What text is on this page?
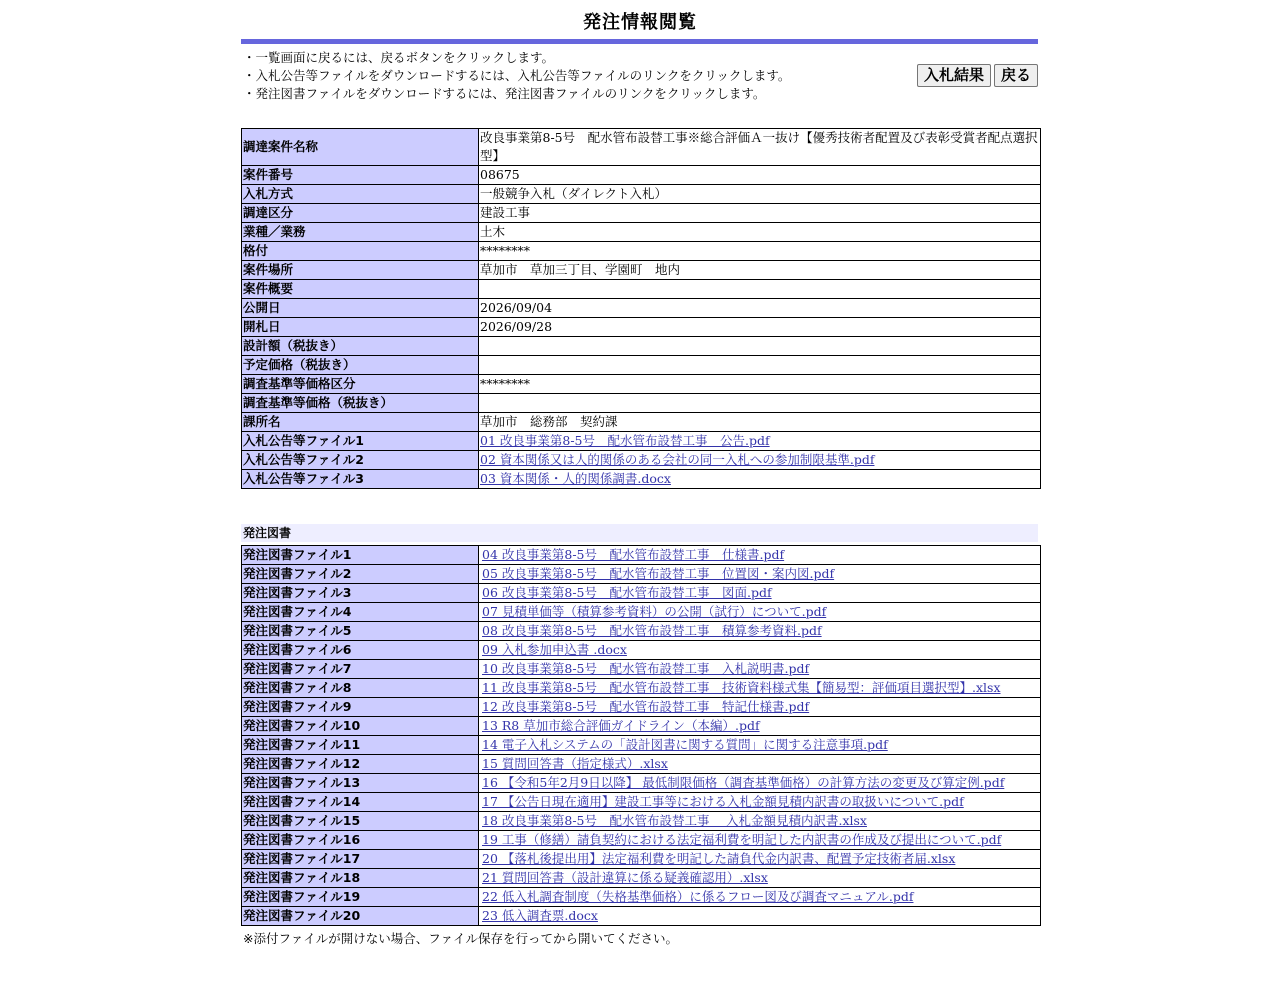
発注情報閲覧
・一覧画面に戻るには、戻るボタンをクリックします。
・入札公告等ファイルをダウンロードするには、入札公告等ファイルのリンクをクリックします。
・発注図書ファイルをダウンロードするには、発注図書ファイルのリンクをクリックします。
入札結果	戻る
調達案件名称	改良事業第8-5号　配水管布設替工事※総合評価Ａ一抜け【優秀技術者配置及び表彰受賞者配点選択型】
案件番号	08675
入札方式	一般競争入札（ダイレクト入札）
調達区分	建設工事
業種／業務	土木
格付	********
案件場所	草加市　草加三丁目、学園町　地内
案件概要	
公開日	2026/09/04
開札日	2026/09/28
設計額（税抜き）	
予定価格（税抜き）	
調査基準等価格区分	********
調査基準等価格（税抜き）	
課所名	草加市　総務部　契約課
入札公告等ファイル1	01 改良事業第8-5号　配水管布設替工事　公告.pdf
入札公告等ファイル2	02 資本関係又は人的関係のある会社の同一入札への参加制限基準.pdf
入札公告等ファイル3	03 資本関係・人的関係調書.docx
発注図書
発注図書ファイル1	04 改良事業第8-5号　配水管布設替工事　仕様書.pdf
発注図書ファイル2	05 改良事業第8-5号　配水管布設替工事　位置図・案内図.pdf
発注図書ファイル3	06 改良事業第8-5号　配水管布設替工事　図面.pdf
発注図書ファイル4	07 見積単価等（積算参考資料）の公開（試行）について.pdf
発注図書ファイル5	08 改良事業第8-5号　配水管布設替工事　積算参考資料.pdf
発注図書ファイル6	09 入札参加申込書 .docx
発注図書ファイル7	10 改良事業第8-5号　配水管布設替工事　入札説明書.pdf
発注図書ファイル8	11 改良事業第8-5号　配水管布設替工事　技術資料様式集【簡易型：評価項目選択型】.xlsx
発注図書ファイル9	12 改良事業第8-5号　配水管布設替工事　特記仕様書.pdf
発注図書ファイル10	13 R8 草加市総合評価ガイドライン（本編）.pdf
発注図書ファイル11	14 電子入札システムの「設計図書に関する質問」に関する注意事項.pdf
発注図書ファイル12	15 質問回答書（指定様式）.xlsx
発注図書ファイル13	16 【令和5年2月9日以降】 最低制限価格（調査基準価格）の計算方法の変更及び算定例.pdf
発注図書ファイル14	17 【公告日現在適用】建設工事等における入札金額見積内訳書の取扱いについて.pdf
発注図書ファイル15	18 改良事業第8-5号　配水管布設替工事　 入札金額見積内訳書.xlsx
発注図書ファイル16	19 工事（修繕）請負契約における法定福利費を明記した内訳書の作成及び提出について.pdf
発注図書ファイル17	20 【落札後提出用】法定福利費を明記した請負代金内訳書、配置予定技術者届.xlsx
発注図書ファイル18	21 質問回答書（設計違算に係る疑義確認用）.xlsx
発注図書ファイル19	22 低入札調査制度（失格基準価格）に係るフロー図及び調査マニュアル.pdf
発注図書ファイル20	23 低入調査票.docx
※添付ファイルが開けない場合、ファイル保存を行ってから開いてください。
